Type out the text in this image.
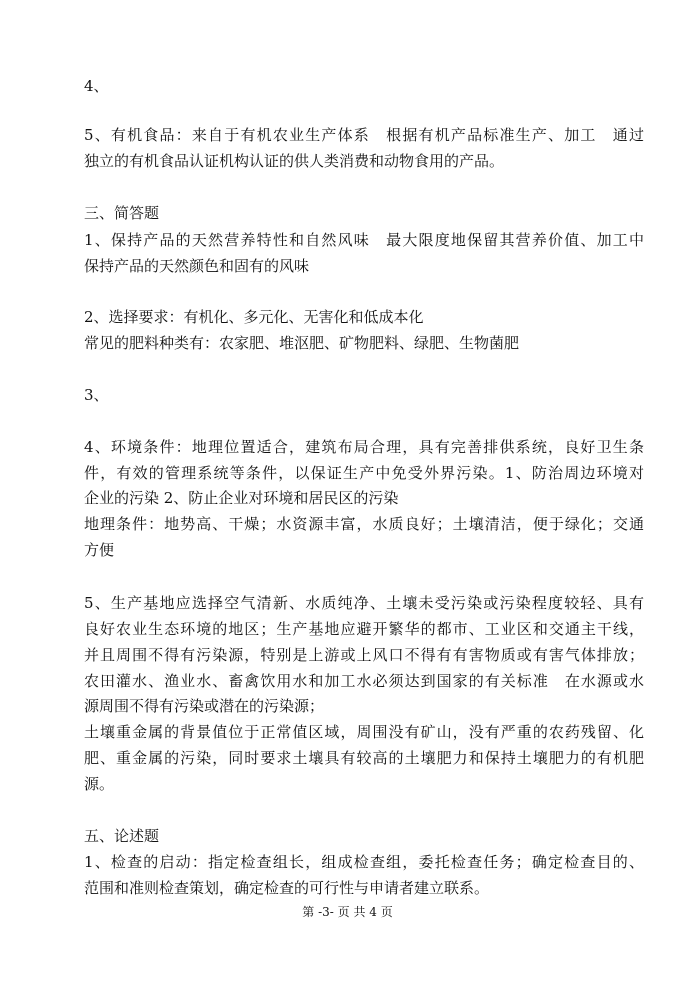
4、
5、有机食品：来自于有机农业生产体系　根据有机产品标准生产、加工　通过
独立的有机食品认证机构认证的供人类消费和动物食用的产品。
三、简答题
1、保持产品的天然营养特性和自然风味　最大限度地保留其营养价值、加工中
保持产品的天然颜色和固有的风味
2、选择要求：有机化、多元化、无害化和低成本化
常见的肥料种类有：农家肥、堆沤肥、矿物肥料、绿肥、生物菌肥
3、
4、环境条件：地理位置适合，建筑布局合理，具有完善排供系统，良好卫生条
件，有效的管理系统等条件，以保证生产中免受外界污染。1、防治周边环境对
企业的污染 2、防止企业对环境和居民区的污染
地理条件：地势高、干燥；水资源丰富，水质良好；土壤清洁，便于绿化；交通
方便
5、生产基地应选择空气清新、水质纯净、土壤未受污染或污染程度较轻、具有
良好农业生态环境的地区；生产基地应避开繁华的都市、工业区和交通主干线，
并且周围不得有污染源，特别是上游或上风口不得有有害物质或有害气体排放；
农田灌水、渔业水、畜禽饮用水和加工水必须达到国家的有关标准　在水源或水
源周围不得有污染或潜在的污染源；
土壤重金属的背景值位于正常值区域，周围没有矿山，没有严重的农药残留、化
肥、重金属的污染，同时要求土壤具有较高的土壤肥力和保持土壤肥力的有机肥
源。
五、论述题
1、检查的启动：指定检查组长，组成检查组，委托检查任务；确定检查目的、
范围和准则检查策划，确定检查的可行性与申请者建立联系。
第 -3- 页 共 4 页
